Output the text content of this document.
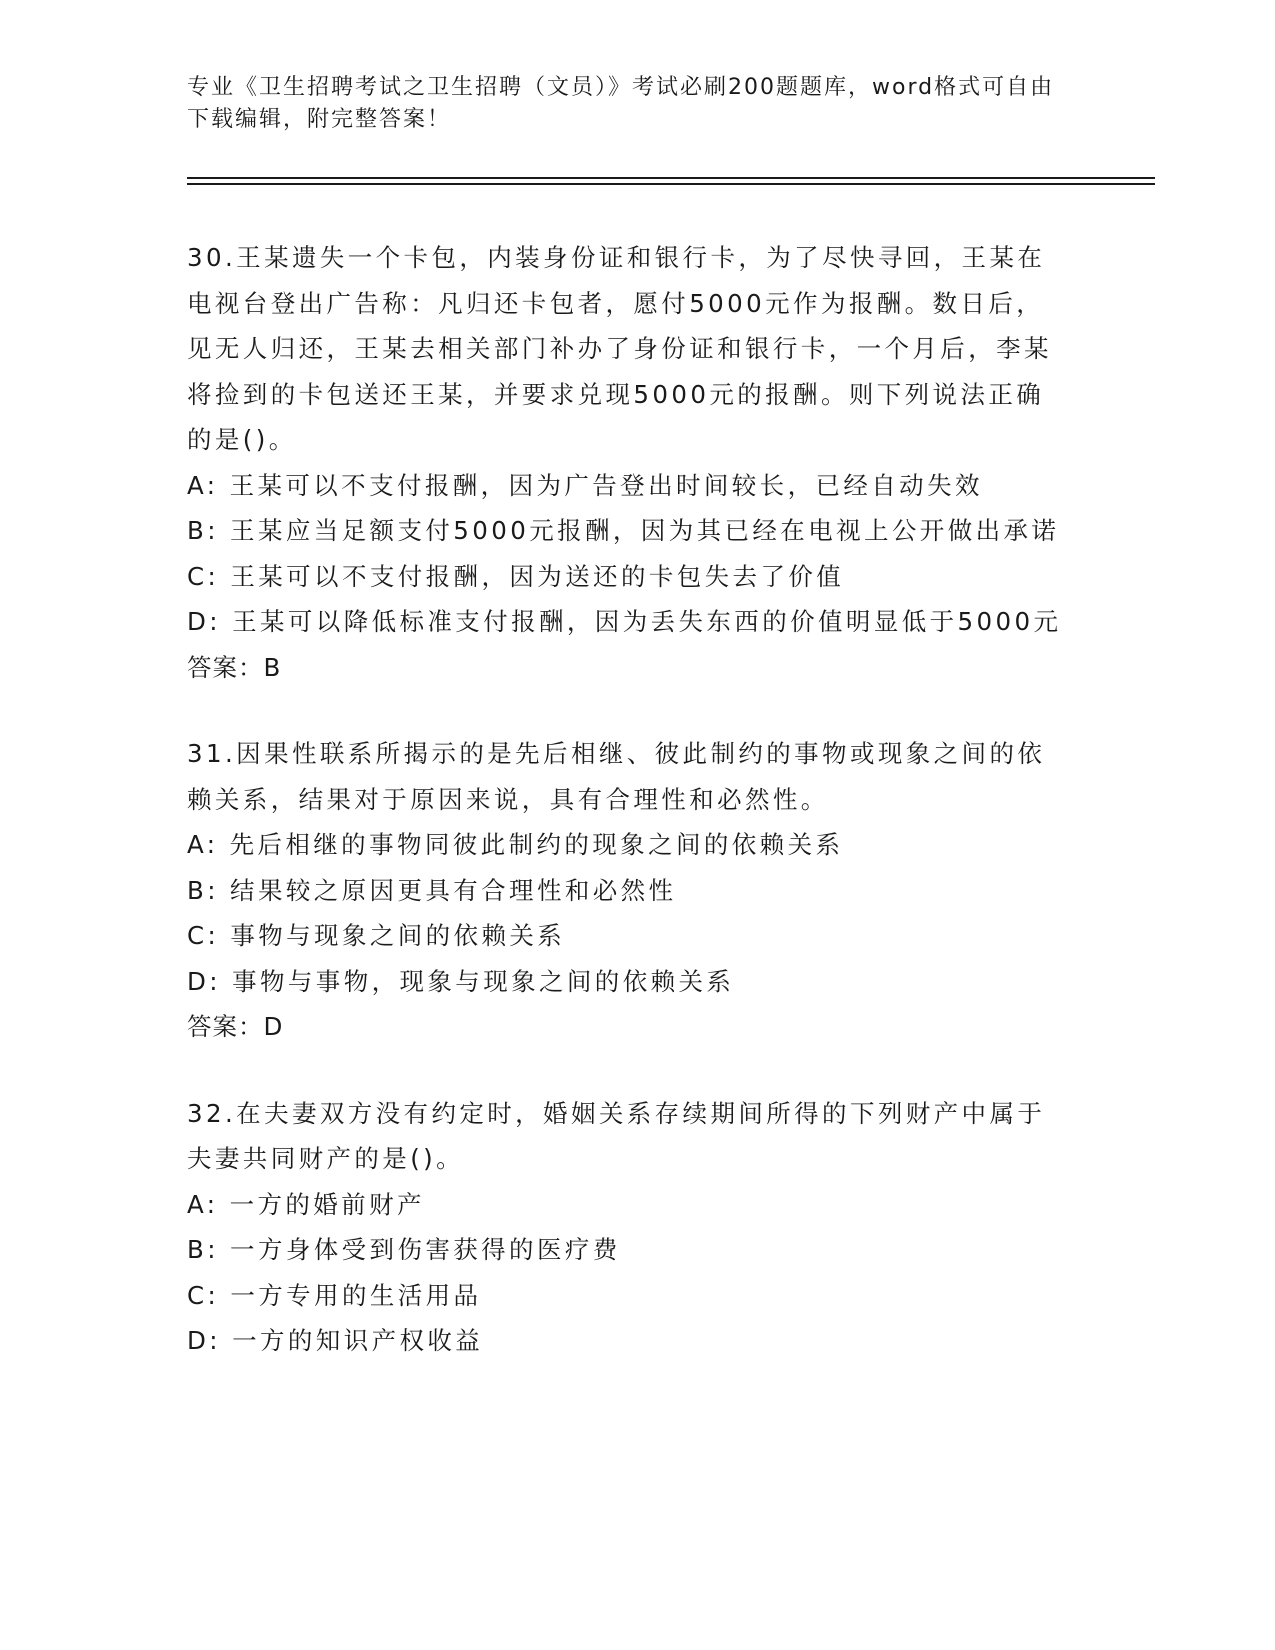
专业《卫生招聘考试之卫生招聘（文员）》考试必刷200题题库，word格式可自由下载编辑，附完整答案！
30.王某遗失一个卡包，内装身份证和银行卡，为了尽快寻回，王某在电视台登出广告称：凡归还卡包者，愿付5000元作为报酬。数日后，见无人归还，王某去相关部门补办了身份证和银行卡，一个月后，李某将捡到的卡包送还王某，并要求兑现5000元的报酬。则下列说法正确的是()。
A: 王某可以不支付报酬，因为广告登出时间较长，已经自动失效
B: 王某应当足额支付5000元报酬，因为其已经在电视上公开做出承诺
C: 王某可以不支付报酬，因为送还的卡包失去了价值
D: 王某可以降低标准支付报酬，因为丢失东西的价值明显低于5000元
答案：B
31.因果性联系所揭示的是先后相继、彼此制约的事物或现象之间的依赖关系，结果对于原因来说，具有合理性和必然性。
A: 先后相继的事物同彼此制约的现象之间的依赖关系
B: 结果较之原因更具有合理性和必然性
C: 事物与现象之间的依赖关系
D: 事物与事物，现象与现象之间的依赖关系
答案：D
32.在夫妻双方没有约定时，婚姻关系存续期间所得的下列财产中属于夫妻共同财产的是()。
A: 一方的婚前财产
B: 一方身体受到伤害获得的医疗费
C: 一方专用的生活用品
D: 一方的知识产权收益
